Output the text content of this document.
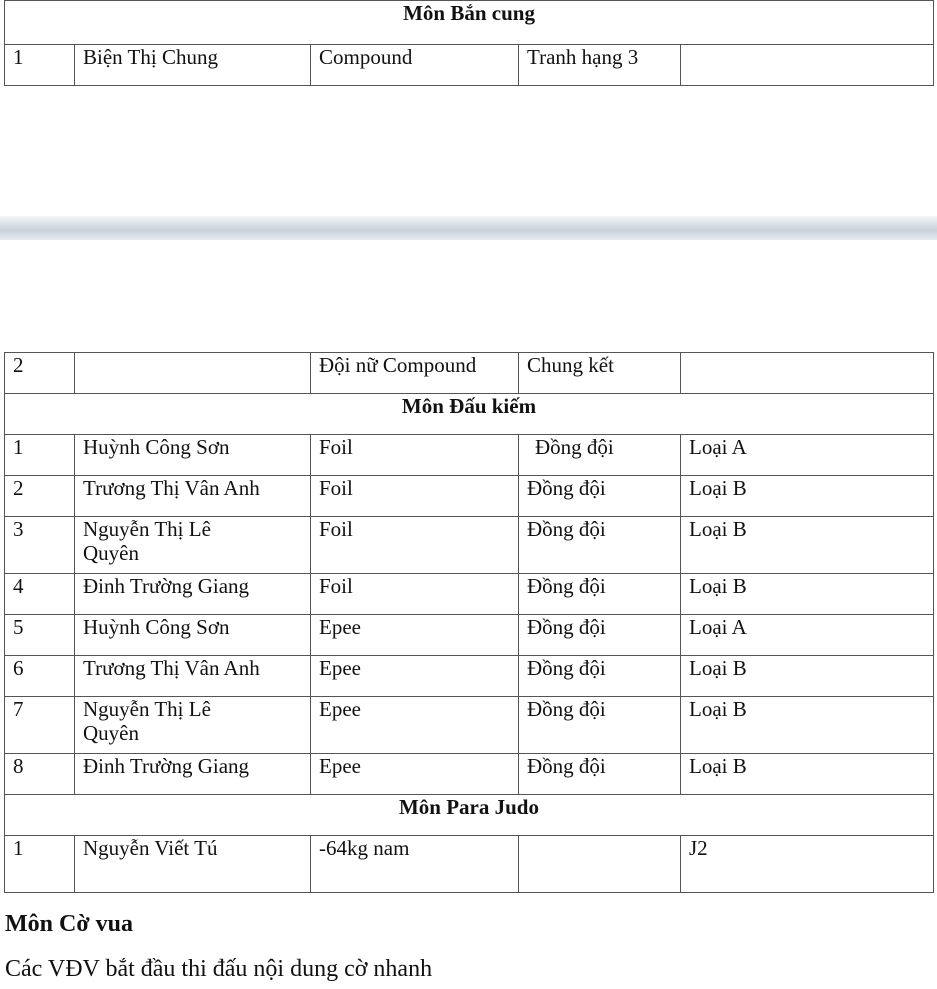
Môn Bắn cung
1	Biện Thị Chung	Compound	Tranh hạng 3	
2		Đội nữ Compound	Chung kết	
Môn Đấu kiếm				
1	Huỳnh Công Sơn	Foil	Đồng đội	Loại A
2	Trương Thị Vân Anh	Foil	Đồng đội	Loại B
3	Nguyễn Thị Lê Quyên	Foil	Đồng đội	Loại B
4	Đinh Trường Giang	Foil	Đồng đội	Loại B
5	Huỳnh Công Sơn	Epee	Đồng đội	Loại A
6	Trương Thị Vân Anh	Epee	Đồng đội	Loại B
7	Nguyễn Thị Lê Quyên	Epee	Đồng đội	Loại B
8	Đinh Trường Giang	Epee	Đồng đội	Loại B
Môn Para Judo				
1	Nguyễn Viết Tú	-64kg nam		J2
Môn Cờ vua
Các VĐV bắt đầu thi đấu nội dung cờ nhanh
